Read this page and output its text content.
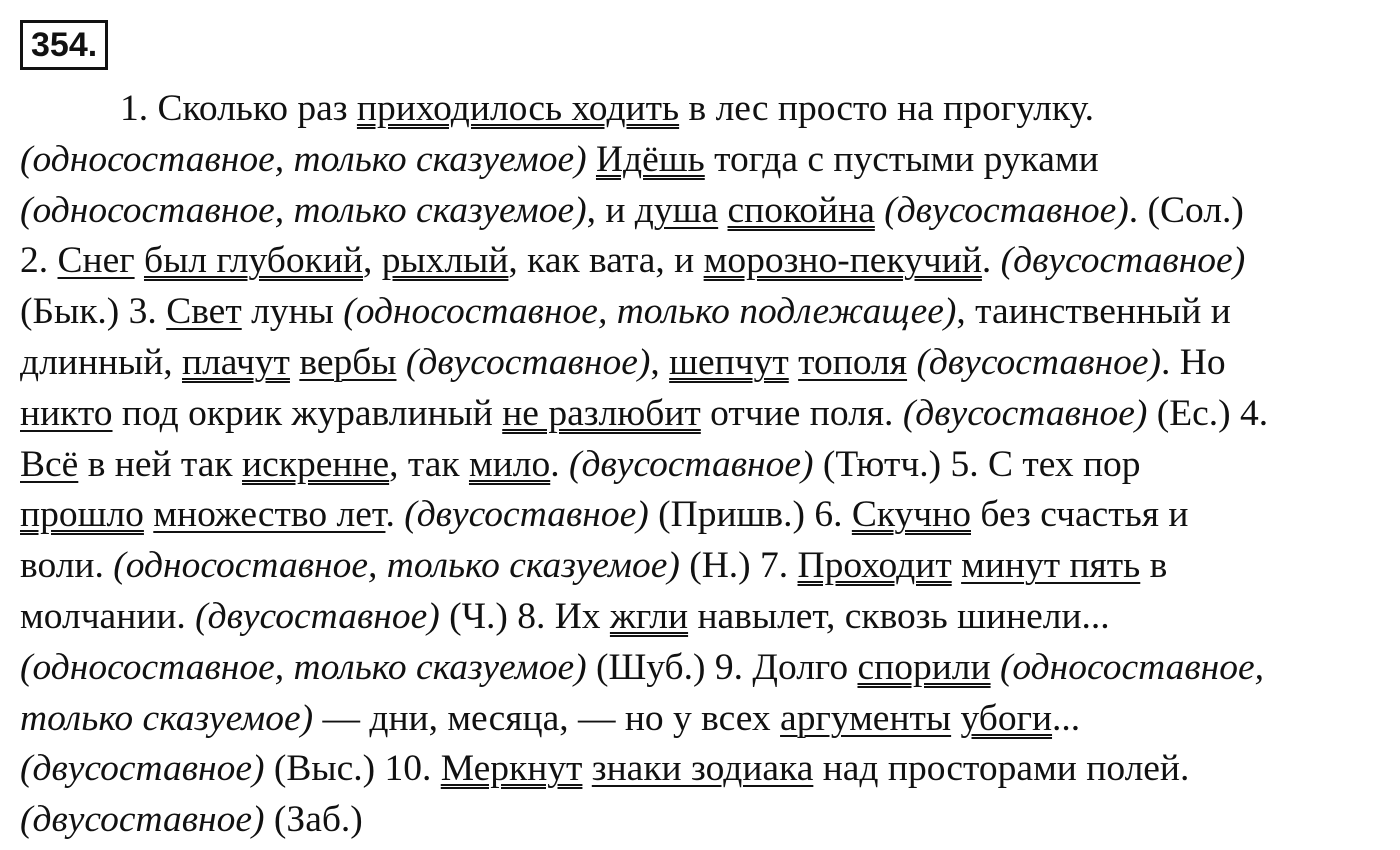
354.
1. Сколько раз приходилось ходить в лес просто на прогулку.
(односоставное, только сказуемое) Идёшь тогда с пустыми руками
(односоставное, только сказуемое), и душа спокойна (двусоставное). (Сол.)
2. Снег был глубокий, рыхлый, как вата, и морозно-пекучий. (двусоставное)
(Бык.) 3. Свет луны (односоставное, только подлежащее), таинственный и
длинный, плачут вербы (двусоставное), шепчут тополя (двусоставное). Но
никто под окрик журавлиный не разлюбит отчие поля. (двусоставное) (Ес.) 4.
Всё в ней так искренне, так мило. (двусоставное) (Тютч.) 5. С тех пор
прошло множество лет. (двусоставное) (Пришв.) 6. Скучно без счастья и
воли. (односоставное, только сказуемое) (Н.) 7. Проходит минут пять в
молчании. (двусоставное) (Ч.) 8. Их жгли навылет, сквозь шинели...
(односоставное, только сказуемое) (Шуб.) 9. Долго спорили (односоставное,
только сказуемое) — дни, месяца, — но у всех аргументы убоги...
(двусоставное) (Выс.) 10. Меркнут знаки зодиака над просторами полей.
(двусоставное) (Заб.)
